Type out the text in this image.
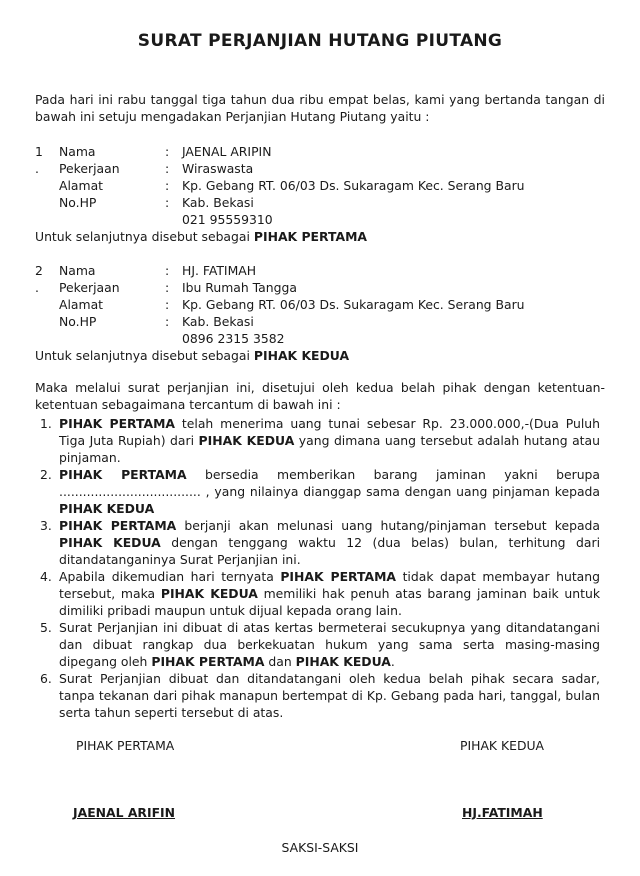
SURAT PERJANJIAN HUTANG PIUTANG
Pada hari ini rabu tanggal tiga tahun dua ribu empat belas, kami yang bertanda tangan di bawah ini setuju mengadakan Perjanjian Hutang Piutang yaitu :
1	Nama	: JAENAL ARIPIN
.	Pekerjaan	: Wiraswasta
Alamat	: Kp. Gebang RT. 06/03 Ds. Sukaragam Kec. Serang Baru
No.HP	: Kab. Bekasi
021 95559310
Untuk selanjutnya disebut sebagai PIHAK PERTAMA
2	Nama	: HJ. FATIMAH
.	Pekerjaan	: Ibu Rumah Tangga
Alamat	: Kp. Gebang RT. 06/03 Ds. Sukaragam Kec. Serang Baru
No.HP	: Kab. Bekasi
0896 2315 3582
Untuk selanjutnya disebut sebagai PIHAK KEDUA
Maka melalui surat perjanjian ini, disetujui oleh kedua belah pihak dengan ketentuan-ketentuan sebagaimana tercantum di bawah ini :
1. PIHAK PERTAMA telah menerima uang tunai sebesar Rp. 23.000.000,-(Dua Puluh Tiga Juta Rupiah) dari PIHAK KEDUA yang dimana uang tersebut adalah hutang atau pinjaman.
2. PIHAK PERTAMA bersedia memberikan barang jaminan yakni berupa .................................... , yang nilainya dianggap sama dengan uang pinjaman kepada PIHAK KEDUA
3. PIHAK PERTAMA berjanji akan melunasi uang hutang/pinjaman tersebut kepada PIHAK KEDUA dengan tenggang waktu 12 (dua belas) bulan, terhitung dari ditandatanganinya Surat Perjanjian ini.
4. Apabila dikemudian hari ternyata PIHAK PERTAMA tidak dapat membayar hutang tersebut, maka PIHAK KEDUA memiliki hak penuh atas barang jaminan baik untuk dimiliki pribadi maupun untuk dijual kepada orang lain.
5. Surat Perjanjian ini dibuat di atas kertas bermeterai secukupnya yang ditandatangani dan dibuat rangkap dua berkekuatan hukum yang sama serta masing-masing dipegang oleh PIHAK PERTAMA dan PIHAK KEDUA.
6. Surat Perjanjian dibuat dan ditandatangani oleh kedua belah pihak secara sadar, tanpa tekanan dari pihak manapun bertempat di Kp. Gebang pada hari, tanggal, bulan serta tahun seperti tersebut di atas.
PIHAK PERTAMA	PIHAK KEDUA
JAENAL ARIFIN	HJ.FATIMAH
SAKSI-SAKSI
